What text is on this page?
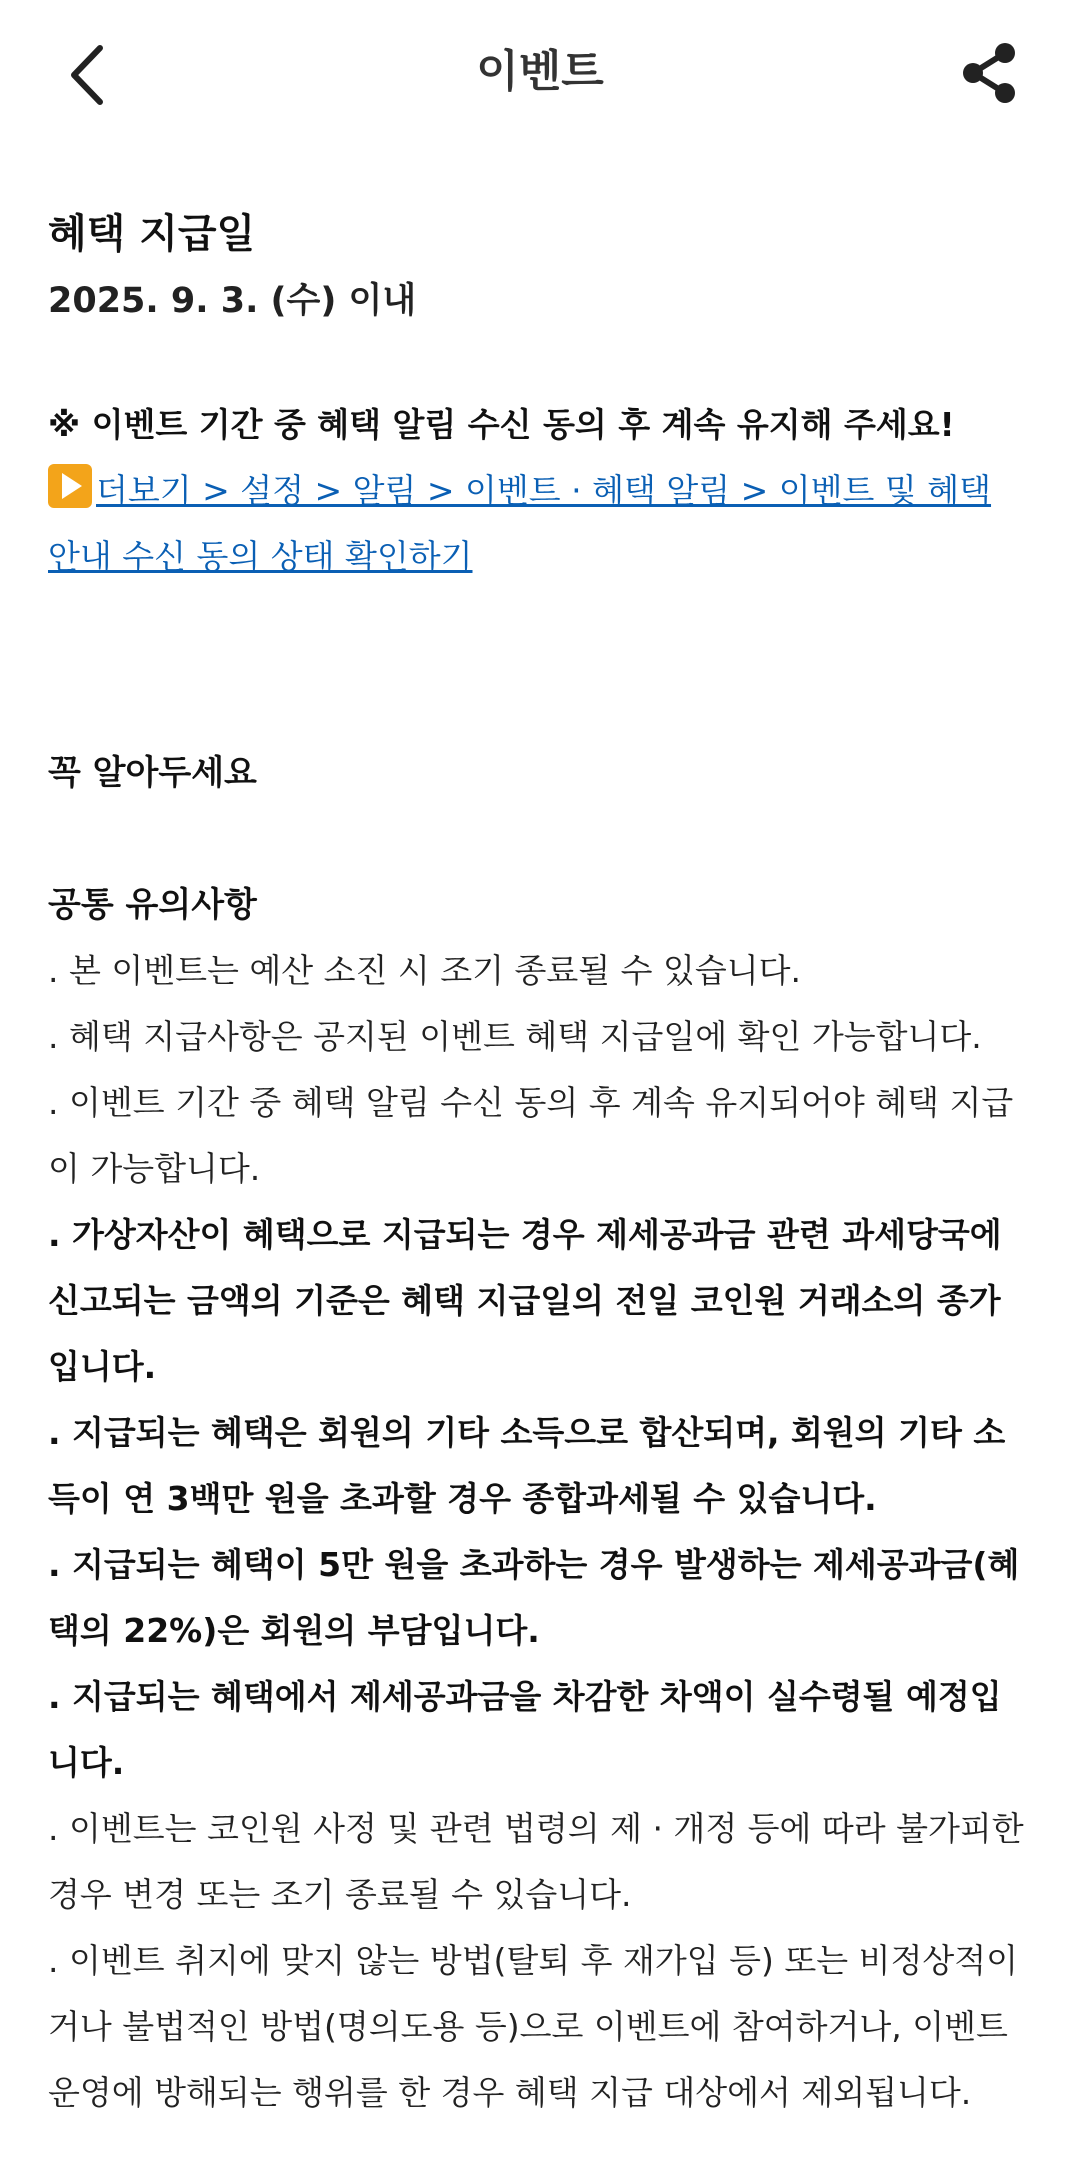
이벤트

혜택 지급일

2025. 9. 3. (수) 이내

※ 이벤트 기간 중 혜택 알림 수신 동의 후 계속 유지해 주세요!

더보기 > 설정 > 알림 > 이벤트 · 혜택 알림 > 이벤트 및 혜택 안내 수신 동의 상태 확인하기

꼭 알아두세요

공통 유의사항

. 본 이벤트는 예산 소진 시 조기 종료될 수 있습니다.

. 혜택 지급사항은 공지된 이벤트 혜택 지급일에 확인 가능합니다.

. 이벤트 기간 중 혜택 알림 수신 동의 후 계속 유지되어야 혜택 지급이 가능합니다.

. 가상자산이 혜택으로 지급되는 경우 제세공과금 관련 과세당국에 신고되는 금액의 기준은 혜택 지급일의 전일 코인원 거래소의 종가입니다.

. 지급되는 혜택은 회원의 기타 소득으로 합산되며, 회원의 기타 소득이 연 3백만 원을 초과할 경우 종합과세될 수 있습니다.

. 지급되는 혜택이 5만 원을 초과하는 경우 발생하는 제세공과금(혜택의 22%)은 회원의 부담입니다.

. 지급되는 혜택에서 제세공과금을 차감한 차액이 실수령될 예정입니다.

. 이벤트는 코인원 사정 및 관련 법령의 제 · 개정 등에 따라 불가피한 경우 변경 또는 조기 종료될 수 있습니다.

. 이벤트 취지에 맞지 않는 방법(탈퇴 후 재가입 등) 또는 비정상적이거나 불법적인 방법(명의도용 등)으로 이벤트에 참여하거나, 이벤트 운영에 방해되는 행위를 한 경우 혜택 지급 대상에서 제외됩니다.
